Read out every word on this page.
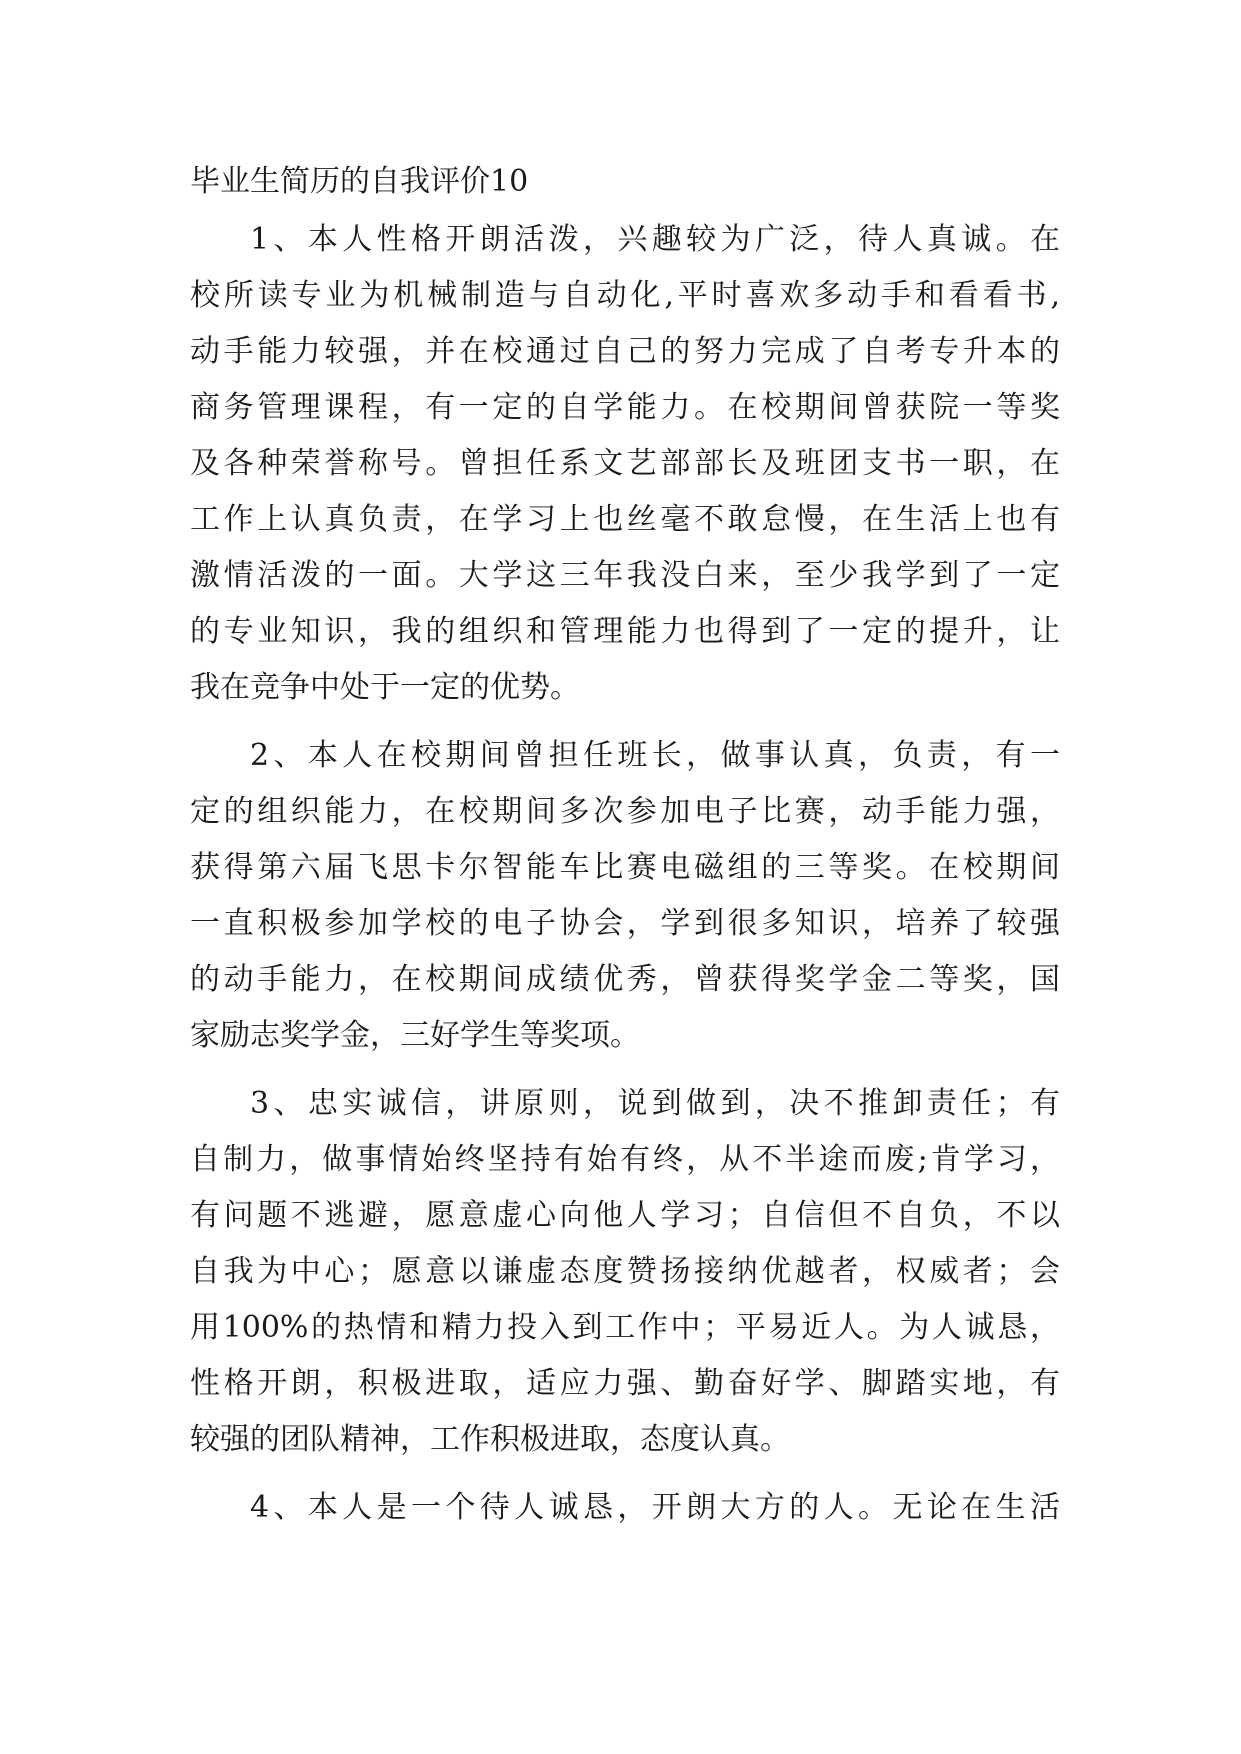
毕业生简历的自我评价10
1、本人性格开朗活泼，兴趣较为广泛，待人真诚。在
校所读专业为机械制造与自动化,平时喜欢多动手和看看书,
动手能力较强，并在校通过自己的努力完成了自考专升本的
商务管理课程，有一定的自学能力。在校期间曾获院一等奖
及各种荣誉称号。曾担任系文艺部部长及班团支书一职，在
工作上认真负责，在学习上也丝毫不敢怠慢，在生活上也有
激情活泼的一面。大学这三年我没白来，至少我学到了一定
的专业知识，我的组织和管理能力也得到了一定的提升，让
我在竞争中处于一定的优势。
2、本人在校期间曾担任班长，做事认真，负责，有一
定的组织能力，在校期间多次参加电子比赛，动手能力强，
获得第六届飞思卡尔智能车比赛电磁组的三等奖。在校期间
一直积极参加学校的电子协会，学到很多知识，培养了较强
的动手能力，在校期间成绩优秀，曾获得奖学金二等奖，国
家励志奖学金，三好学生等奖项。
3、忠实诚信，讲原则，说到做到，决不推卸责任；有
自制力，做事情始终坚持有始有终，从不半途而废;肯学习，
有问题不逃避，愿意虚心向他人学习；自信但不自负，不以
自我为中心；愿意以谦虚态度赞扬接纳优越者，权威者；会
用100%的热情和精力投入到工作中；平易近人。为人诚恳，
性格开朗，积极进取，适应力强、勤奋好学、脚踏实地，有
较强的团队精神，工作积极进取，态度认真。
4、本人是一个待人诚恳，开朗大方的人。无论在生活
